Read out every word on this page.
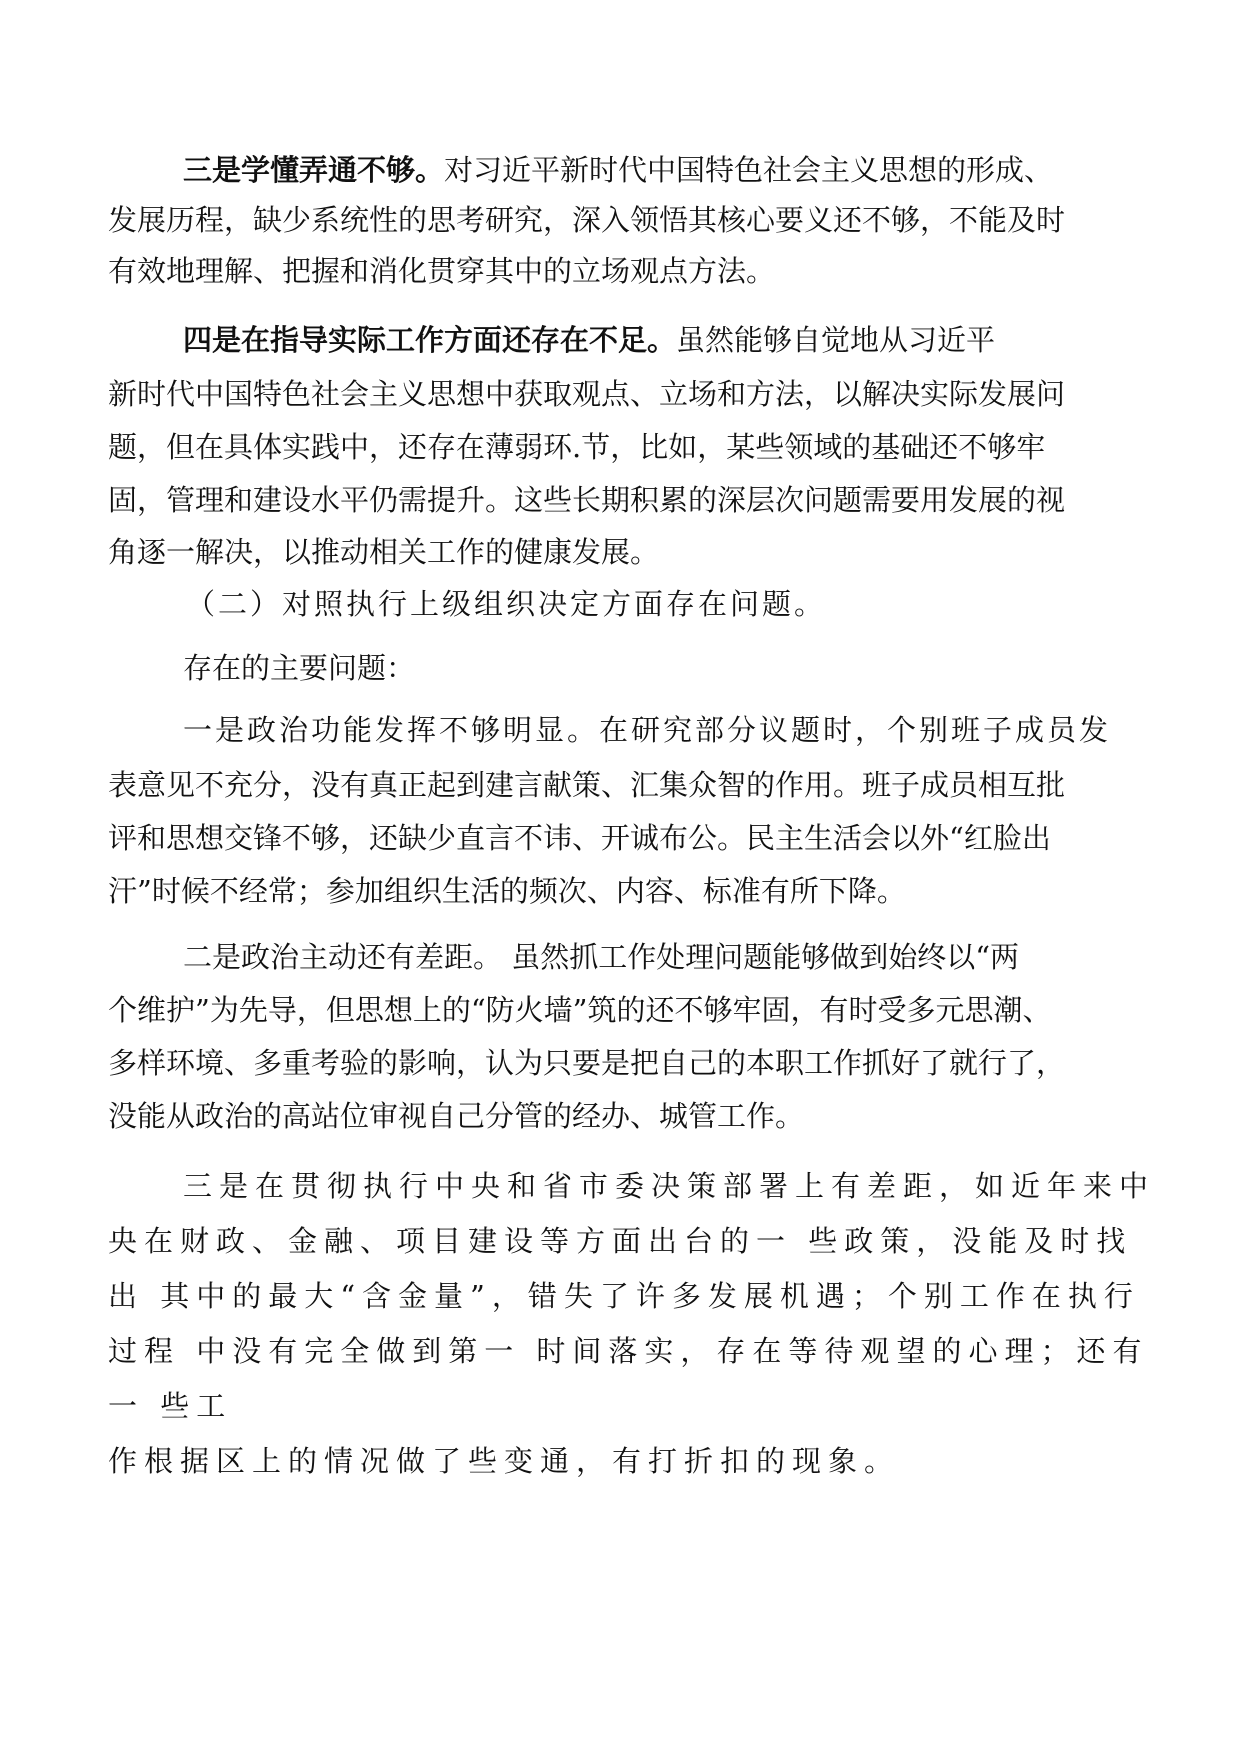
三是学懂弄通不够。对习近平新时代中国特色社会主义思想的形成、
发展历程，缺少系统性的思考研究，深入领悟其核心要义还不够，不能及时
有效地理解、把握和消化贯穿其中的立场观点方法。
四是在指导实际工作方面还存在不足。虽然能够自觉地从习近平
新时代中国特色社会主义思想中获取观点、立场和方法，以解决实际发展问
题，但在具体实践中，还存在薄弱环.节，比如，某些领域的基础还不够牢
固，管理和建设水平仍需提升。这些长期积累的深层次问题需要用发展的视
角逐一解决，以推动相关工作的健康发展。
（二）对照执行上级组织决定方面存在问题。
存在的主要问题：
一是政治功能发挥不够明显。在研究部分议题时，个别班子成员发
表意见不充分，没有真正起到建言献策、汇集众智的作用。班子成员相互批
评和思想交锋不够，还缺少直言不讳、开诚布公。民主生活会以外“红脸出
汗”时候不经常；参加组织生活的频次、内容、标准有所下降。
二是政治主动还有差距。 虽然抓工作处理问题能够做到始终以“两
个维护”为先导，但思想上的“防火墙”筑的还不够牢固，有时受多元思潮、
多样环境、多重考验的影响，认为只要是把自己的本职工作抓好了就行了，
没能从政治的高站位审视自己分管的经办、城管工作。
三是在贯彻执行中央和省市委决策部署上有差距，如近年来中
央在财政、金融、项目建设等方面出台的一 些政策，没能及时找
出 其中的最大“含金量”，错失了许多发展机遇；个别工作在执行
过程 中没有完全做到第一 时间落实，存在等待观望的心理；还有
一 些工
作根据区上的情况做了些变通，有打折扣的现象。
